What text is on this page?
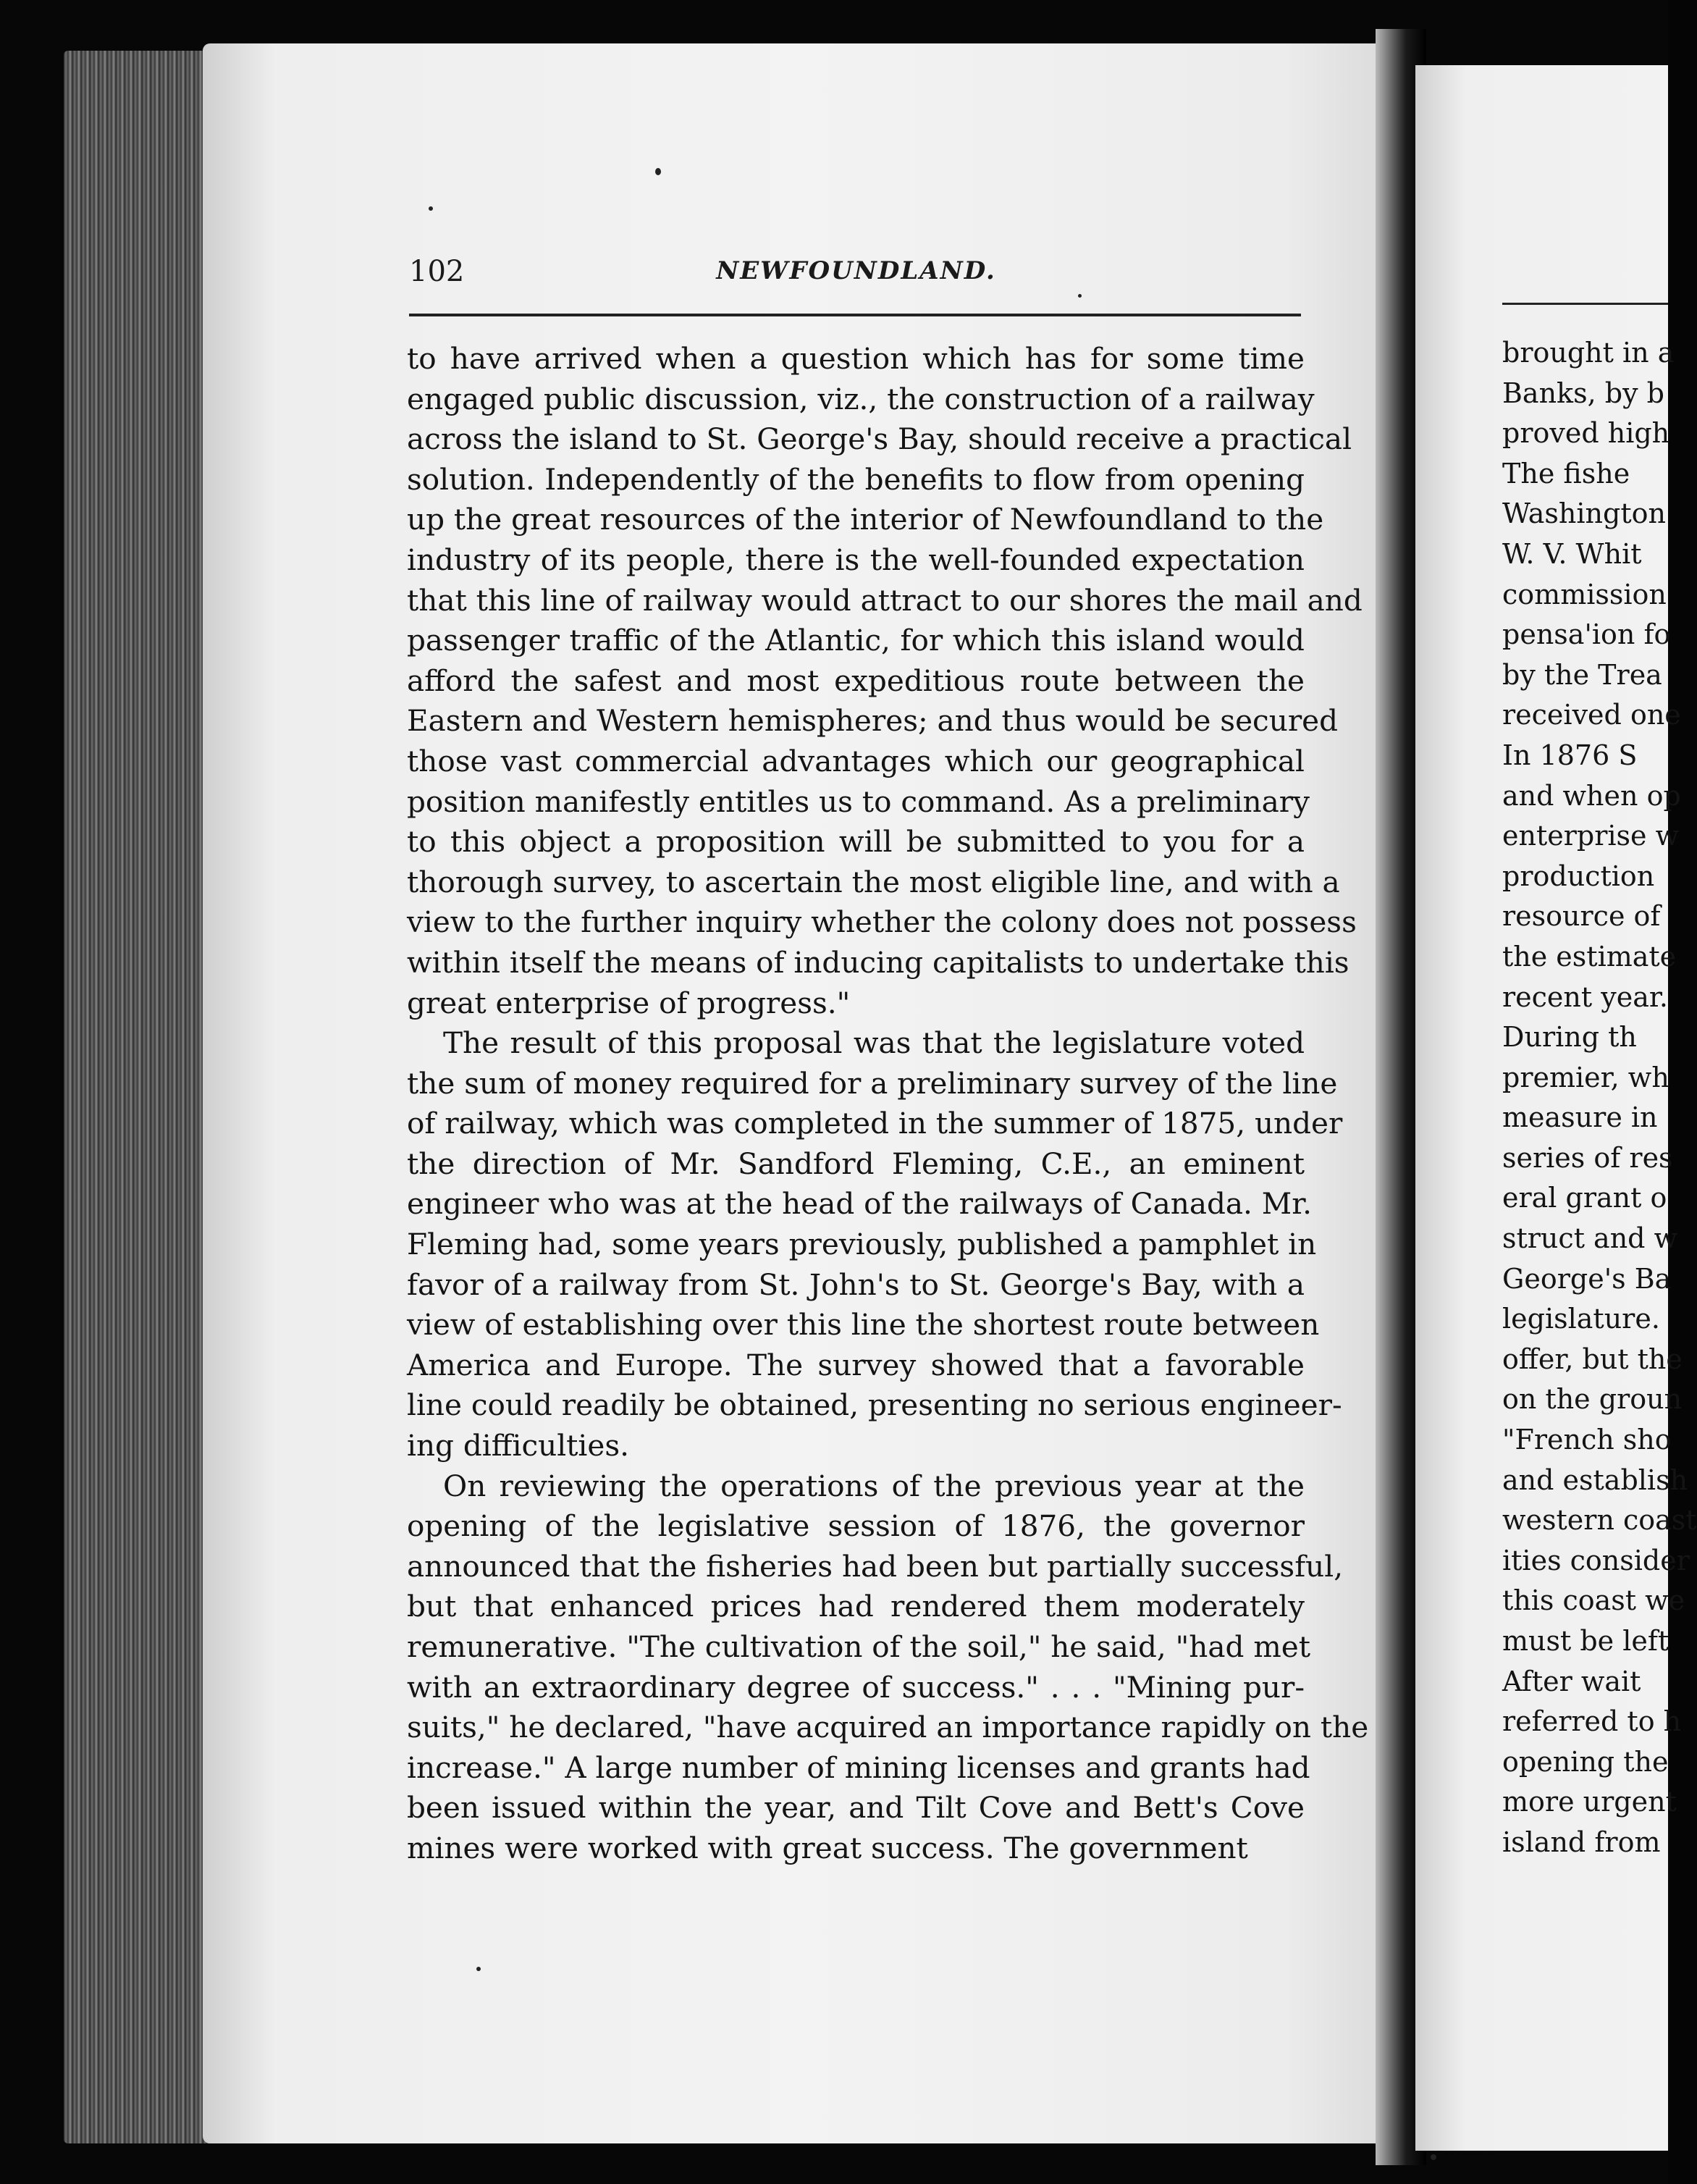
102	NEWFOUNDLAND.
to have arrived when a question which has for some time
engaged public discussion, viz., the construction of a railway
across the island to St. George's Bay, should receive a practical
solution. Independently of the benefits to flow from opening
up the great resources of the interior of Newfoundland to the
industry of its people, there is the well-founded expectation
that this line of railway would attract to our shores the mail and
passenger traffic of the Atlantic, for which this island would
afford the safest and most expeditious route between the
Eastern and Western hemispheres; and thus would be secured
those vast commercial advantages which our geographical
position manifestly entitles us to command. As a preliminary
to this object a proposition will be submitted to you for a
thorough survey, to ascertain the most eligible line, and with a
view to the further inquiry whether the colony does not possess
within itself the means of inducing capitalists to undertake this
great enterprise of progress."
The result of this proposal was that the legislature voted
the sum of money required for a preliminary survey of the line
of railway, which was completed in the summer of 1875, under
the direction of Mr. Sandford Fleming, C.E., an eminent
engineer who was at the head of the railways of Canada. Mr.
Fleming had, some years previously, published a pamphlet in
favor of a railway from St. John's to St. George's Bay, with a
view of establishing over this line the shortest route between
America and Europe. The survey showed that a favorable
line could readily be obtained, presenting no serious engineer-
ing difficulties.
On reviewing the operations of the previous year at the
opening of the legislative session of 1876, the governor
announced that the fisheries had been but partially successful,
but that enhanced prices had rendered them moderately
remunerative. "The cultivation of the soil," he said, "had met
with an extraordinary degree of success." . . . "Mining pur-
suits," he declared, "have acquired an importance rapidly on the
increase." A large number of mining licenses and grants had
been issued within the year, and Tilt Cove and Bett's Cove
mines were worked with great success. The government
brought in a
Banks, by b
proved high
The fishe
Washington
W. V. Whit
commission
pensa'ion fo
by the Trea
received one
In 1876 S
and when op
enterprise w
production
resource of
the estimate
recent year.
During th
premier, wh
measure in
series of res
eral grant o
struct and w
George's Ba
legislature.
offer, but the
on the groun
"French sho
and establish
western coast
ities consider
this coast we
must be left
After wait
referred to h
opening the
more urgent
island from
